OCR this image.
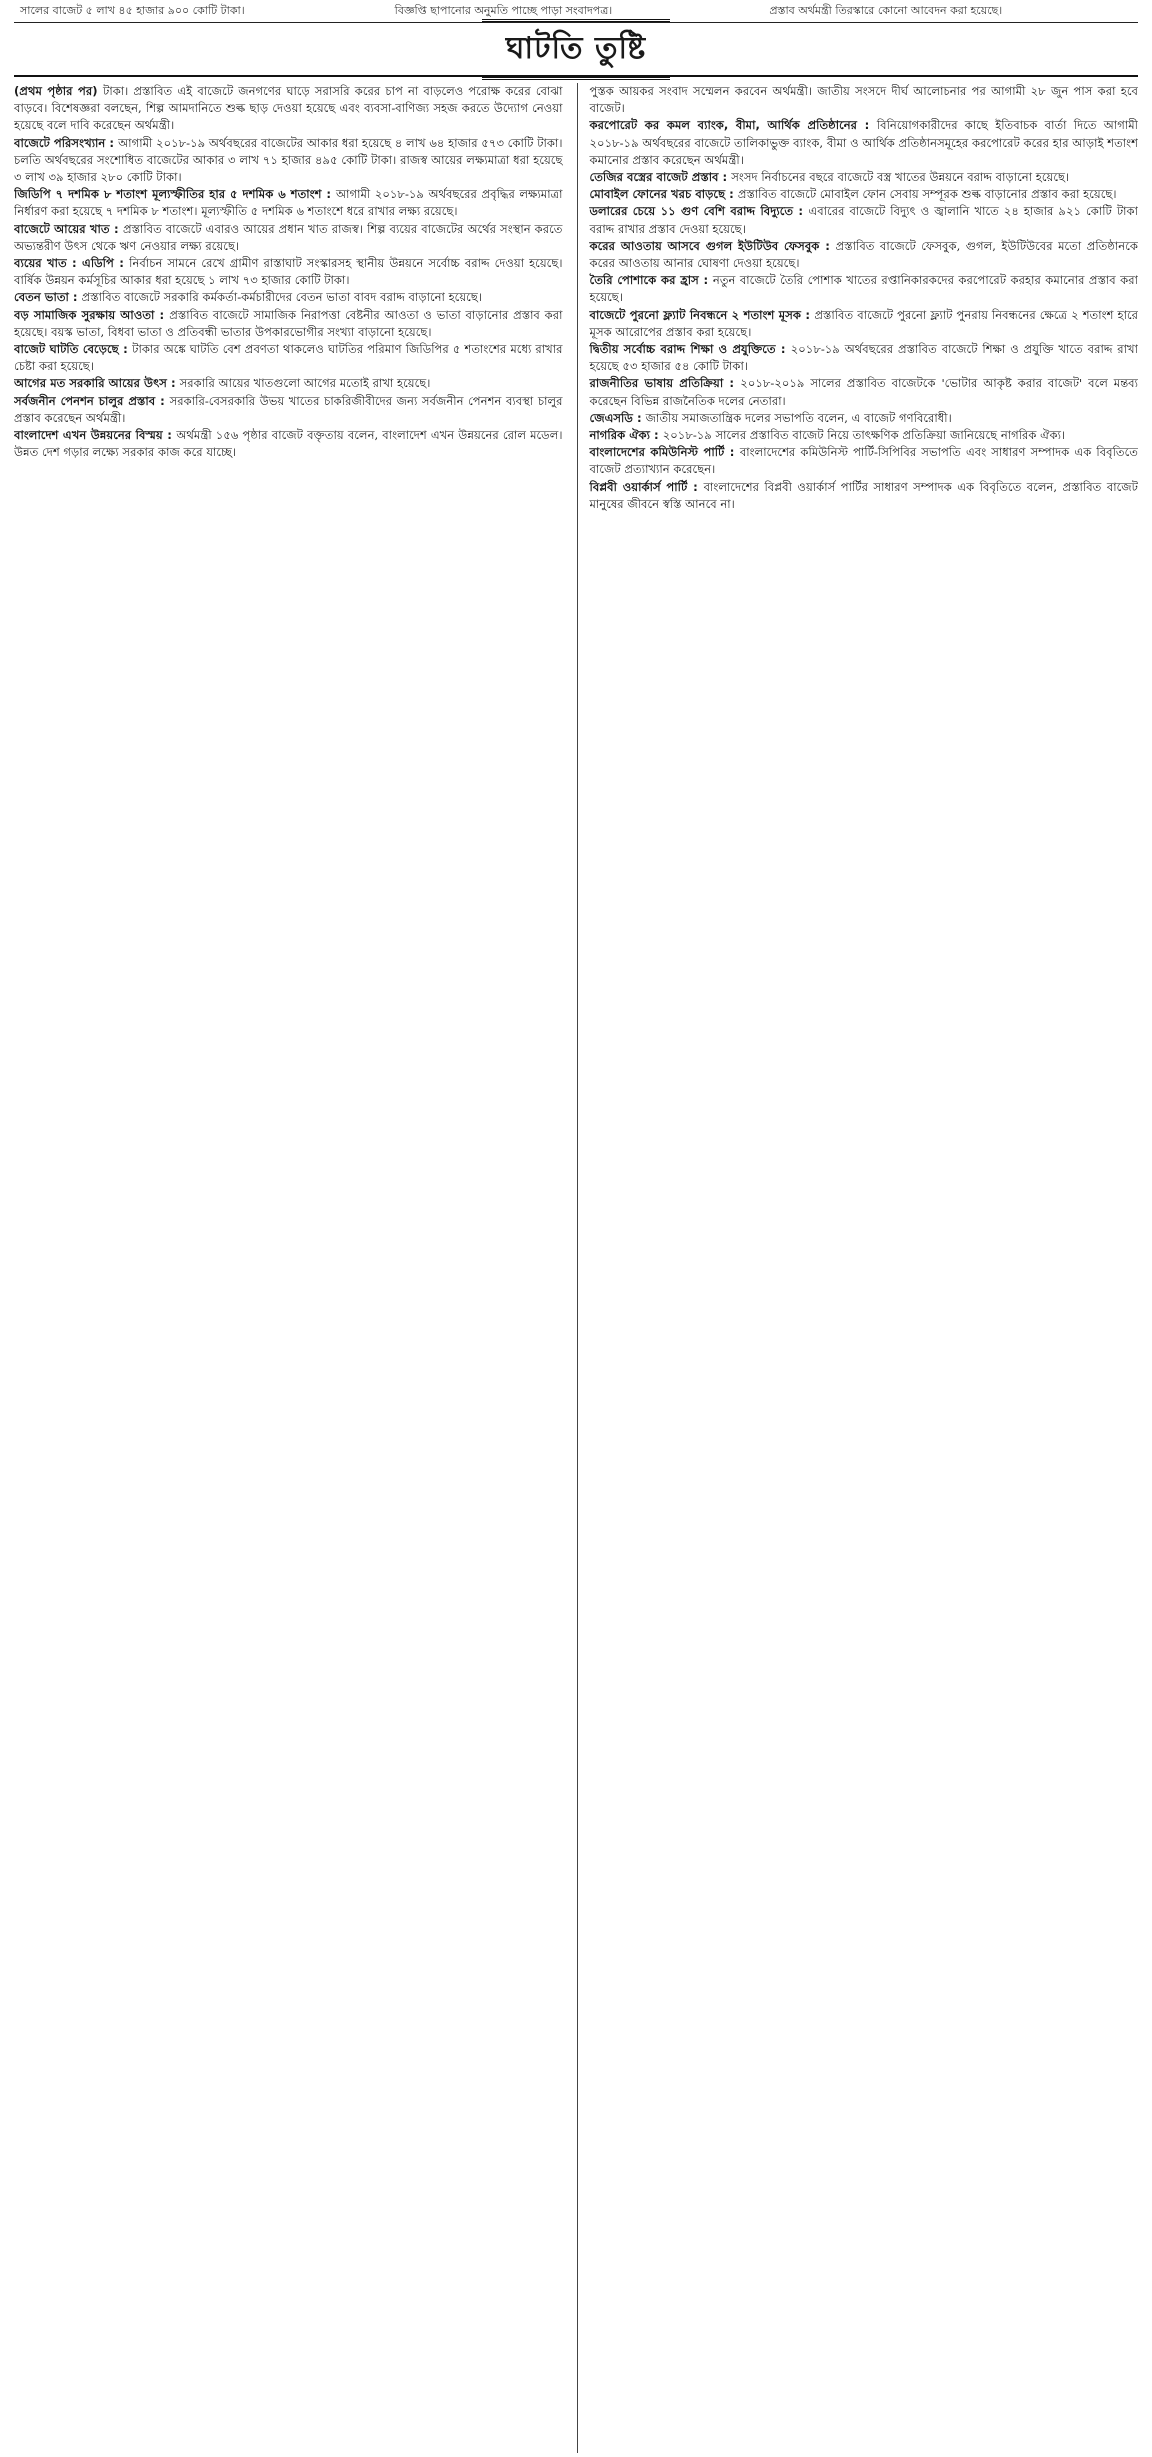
সালের বাজেট ৫ লাখ ৪৫ হাজার ৯০০ কোটি টাকা।	বিজ্ঞপ্তি ছাপানোর অনুমতি পাচ্ছে পাড়া সংবাদপত্র।	প্রস্তাব অর্থমন্ত্রী তিরস্কারে কোনো আবেদন করা হয়েছে।
ঘাটতি তুষ্টি

(প্রথম পৃষ্ঠার পর) টাকা। প্রস্তাবিত এই বাজেটে জনগণের ঘাড়ে সরাসরি করের চাপ না বাড়লেও পরোক্ষ করের বোঝা বাড়বে। বিশেষজ্ঞরা বলছেন, শিল্প আমদানিতে শুল্ক ছাড় দেওয়া হয়েছে এবং ব্যবসা-বাণিজ্য সহজ করতে উদ্যোগ নেওয়া হয়েছে বলে দাবি করেছেন অর্থমন্ত্রী।

বাজেটে পরিসংখ্যান : আগামী ২০১৮-১৯ অর্থবছরের বাজেটের আকার ধরা হয়েছে ৪ লাখ ৬৪ হাজার ৫৭৩ কোটি টাকা। চলতি অর্থবছরের সংশোধিত বাজেটের আকার ৩ লাখ ৭১ হাজার ৪৯৫ কোটি টাকা। রাজস্ব আয়ের লক্ষ্যমাত্রা ধরা হয়েছে ৩ লাখ ৩৯ হাজার ২৮০ কোটি টাকা।

জিডিপি ৭ দশমিক ৮ শতাংশ মূল্যস্ফীতির হার ৫ দশমিক ৬ শতাংশ : আগামী ২০১৮-১৯ অর্থবছরের প্রবৃদ্ধির লক্ষ্যমাত্রা নির্ধারণ করা হয়েছে ৭ দশমিক ৮ শতাংশ। মূল্যস্ফীতি ৫ দশমিক ৬ শতাংশে ধরে রাখার লক্ষ্য রয়েছে।

বাজেটে আয়ের খাত : প্রস্তাবিত বাজেটে এবারও আয়ের প্রধান খাত রাজস্ব। শিল্প ব্যয়ের বাজেটের অর্থের সংস্থান করতে অভ্যন্তরীণ উৎস থেকে ঋণ নেওয়ার লক্ষ্য রয়েছে।

ব্যয়ের খাত : এডিপি : নির্বাচন সামনে রেখে গ্রামীণ রাস্তাঘাট সংস্কারসহ স্থানীয় উন্নয়নে সর্বোচ্চ বরাদ্দ দেওয়া হয়েছে। বার্ষিক উন্নয়ন কর্মসূচির আকার ধরা হয়েছে ১ লাখ ৭৩ হাজার কোটি টাকা।

বেতন ভাতা : প্রস্তাবিত বাজেটে সরকারি কর্মকর্তা-কর্মচারীদের বেতন ভাতা বাবদ বরাদ্দ বাড়ানো হয়েছে।

বড় সামাজিক সুরক্ষায় আওতা : প্রস্তাবিত বাজেটে সামাজিক নিরাপত্তা বেষ্টনীর আওতা ও ভাতা বাড়ানোর প্রস্তাব করা হয়েছে। বয়স্ক ভাতা, বিধবা ভাতা ও প্রতিবন্ধী ভাতার উপকারভোগীর সংখ্যা বাড়ানো হয়েছে।

বাজেট ঘাটতি বেড়েছে : টাকার অঙ্কে ঘাটতি বেশ প্রবণতা থাকলেও ঘাটতির পরিমাণ জিডিপির ৫ শতাংশের মধ্যে রাখার চেষ্টা করা হয়েছে।

আগের মত সরকারি আয়ের উৎস : সরকারি আয়ের খাতগুলো আগের মতোই রাখা হয়েছে।

সর্বজনীন পেনশন চালুর প্রস্তাব : সরকারি-বেসরকারি উভয় খাতের চাকরিজীবীদের জন্য সর্বজনীন পেনশন ব্যবস্থা চালুর প্রস্তাব করেছেন অর্থমন্ত্রী।

বাংলাদেশ এখন উন্নয়নের বিস্ময় : অর্থমন্ত্রী ১৫৬ পৃষ্ঠার বাজেট বক্তৃতায় বলেন, বাংলাদেশ এখন উন্নয়নের রোল মডেল। উন্নত দেশ গড়ার লক্ষ্যে সরকার কাজ করে যাচ্ছে।

পুস্তক আয়কর সংবাদ সম্মেলন করবেন অর্থমন্ত্রী। জাতীয় সংসদে দীর্ঘ আলোচনার পর আগামী ২৮ জুন পাস করা হবে বাজেট।

করপোরেট কর কমল ব্যাংক, বীমা, আর্থিক প্রতিষ্ঠানের : বিনিয়োগকারীদের কাছে ইতিবাচক বার্তা দিতে আগামী ২০১৮-১৯ অর্থবছরের বাজেটে তালিকাভুক্ত ব্যাংক, বীমা ও আর্থিক প্রতিষ্ঠানসমূহের করপোরেট করের হার আড়াই শতাংশ কমানোর প্রস্তাব করেছেন অর্থমন্ত্রী।

তেজির বস্ত্রের বাজেট প্রস্তাব : সংসদ নির্বাচনের বছরে বাজেটে বস্ত্র খাতের উন্নয়নে বরাদ্দ বাড়ানো হয়েছে।

মোবাইল ফোনের খরচ বাড়ছে : প্রস্তাবিত বাজেটে মোবাইল ফোন সেবায় সম্পূরক শুল্ক বাড়ানোর প্রস্তাব করা হয়েছে।

ডলারের চেয়ে ১১ গুণ বেশি বরাদ্দ বিদ্যুতে : এবারের বাজেটে বিদ্যুৎ ও জ্বালানি খাতে ২৪ হাজার ৯২১ কোটি টাকা বরাদ্দ রাখার প্রস্তাব দেওয়া হয়েছে।

করের আওতায় আসবে গুগল ইউটিউব ফেসবুক : প্রস্তাবিত বাজেটে ফেসবুক, গুগল, ইউটিউবের মতো প্রতিষ্ঠানকে করের আওতায় আনার ঘোষণা দেওয়া হয়েছে।

তৈরি পোশাকে কর হ্রাস : নতুন বাজেটে তৈরি পোশাক খাতের রপ্তানিকারকদের করপোরেট করহার কমানোর প্রস্তাব করা হয়েছে।

বাজেটে পুরনো ফ্ল্যাট নিবন্ধনে ২ শতাংশ মূসক : প্রস্তাবিত বাজেটে পুরনো ফ্ল্যাট পুনরায় নিবন্ধনের ক্ষেত্রে ২ শতাংশ হারে মূসক আরোপের প্রস্তাব করা হয়েছে।

দ্বিতীয় সর্বোচ্চ বরাদ্দ শিক্ষা ও প্রযুক্তিতে : ২০১৮-১৯ অর্থবছরের প্রস্তাবিত বাজেটে শিক্ষা ও প্রযুক্তি খাতে বরাদ্দ রাখা হয়েছে ৫৩ হাজার ৫৪ কোটি টাকা।

রাজনীতির ভাষায় প্রতিক্রিয়া : ২০১৮-২০১৯ সালের প্রস্তাবিত বাজেটকে 'ভোটার আকৃষ্ট করার বাজেট' বলে মন্তব্য করেছেন বিভিন্ন রাজনৈতিক দলের নেতারা।

জেএসডি : জাতীয় সমাজতান্ত্রিক দলের সভাপতি বলেন, এ বাজেট গণবিরোধী।

নাগরিক ঐক্য : ২০১৮-১৯ সালের প্রস্তাবিত বাজেট নিয়ে তাৎক্ষণিক প্রতিক্রিয়া জানিয়েছে নাগরিক ঐক্য।

বাংলাদেশের কমিউনিস্ট পার্টি : বাংলাদেশের কমিউনিস্ট পার্টি-সিপিবির সভাপতি এবং সাধারণ সম্পাদক এক বিবৃতিতে বাজেট প্রত্যাখ্যান করেছেন।

বিপ্লবী ওয়ার্কার্স পার্টি : বাংলাদেশের বিপ্লবী ওয়ার্কার্স পার্টির সাধারণ সম্পাদক এক বিবৃতিতে বলেন, প্রস্তাবিত বাজেট মানুষের জীবনে স্বস্তি আনবে না।
